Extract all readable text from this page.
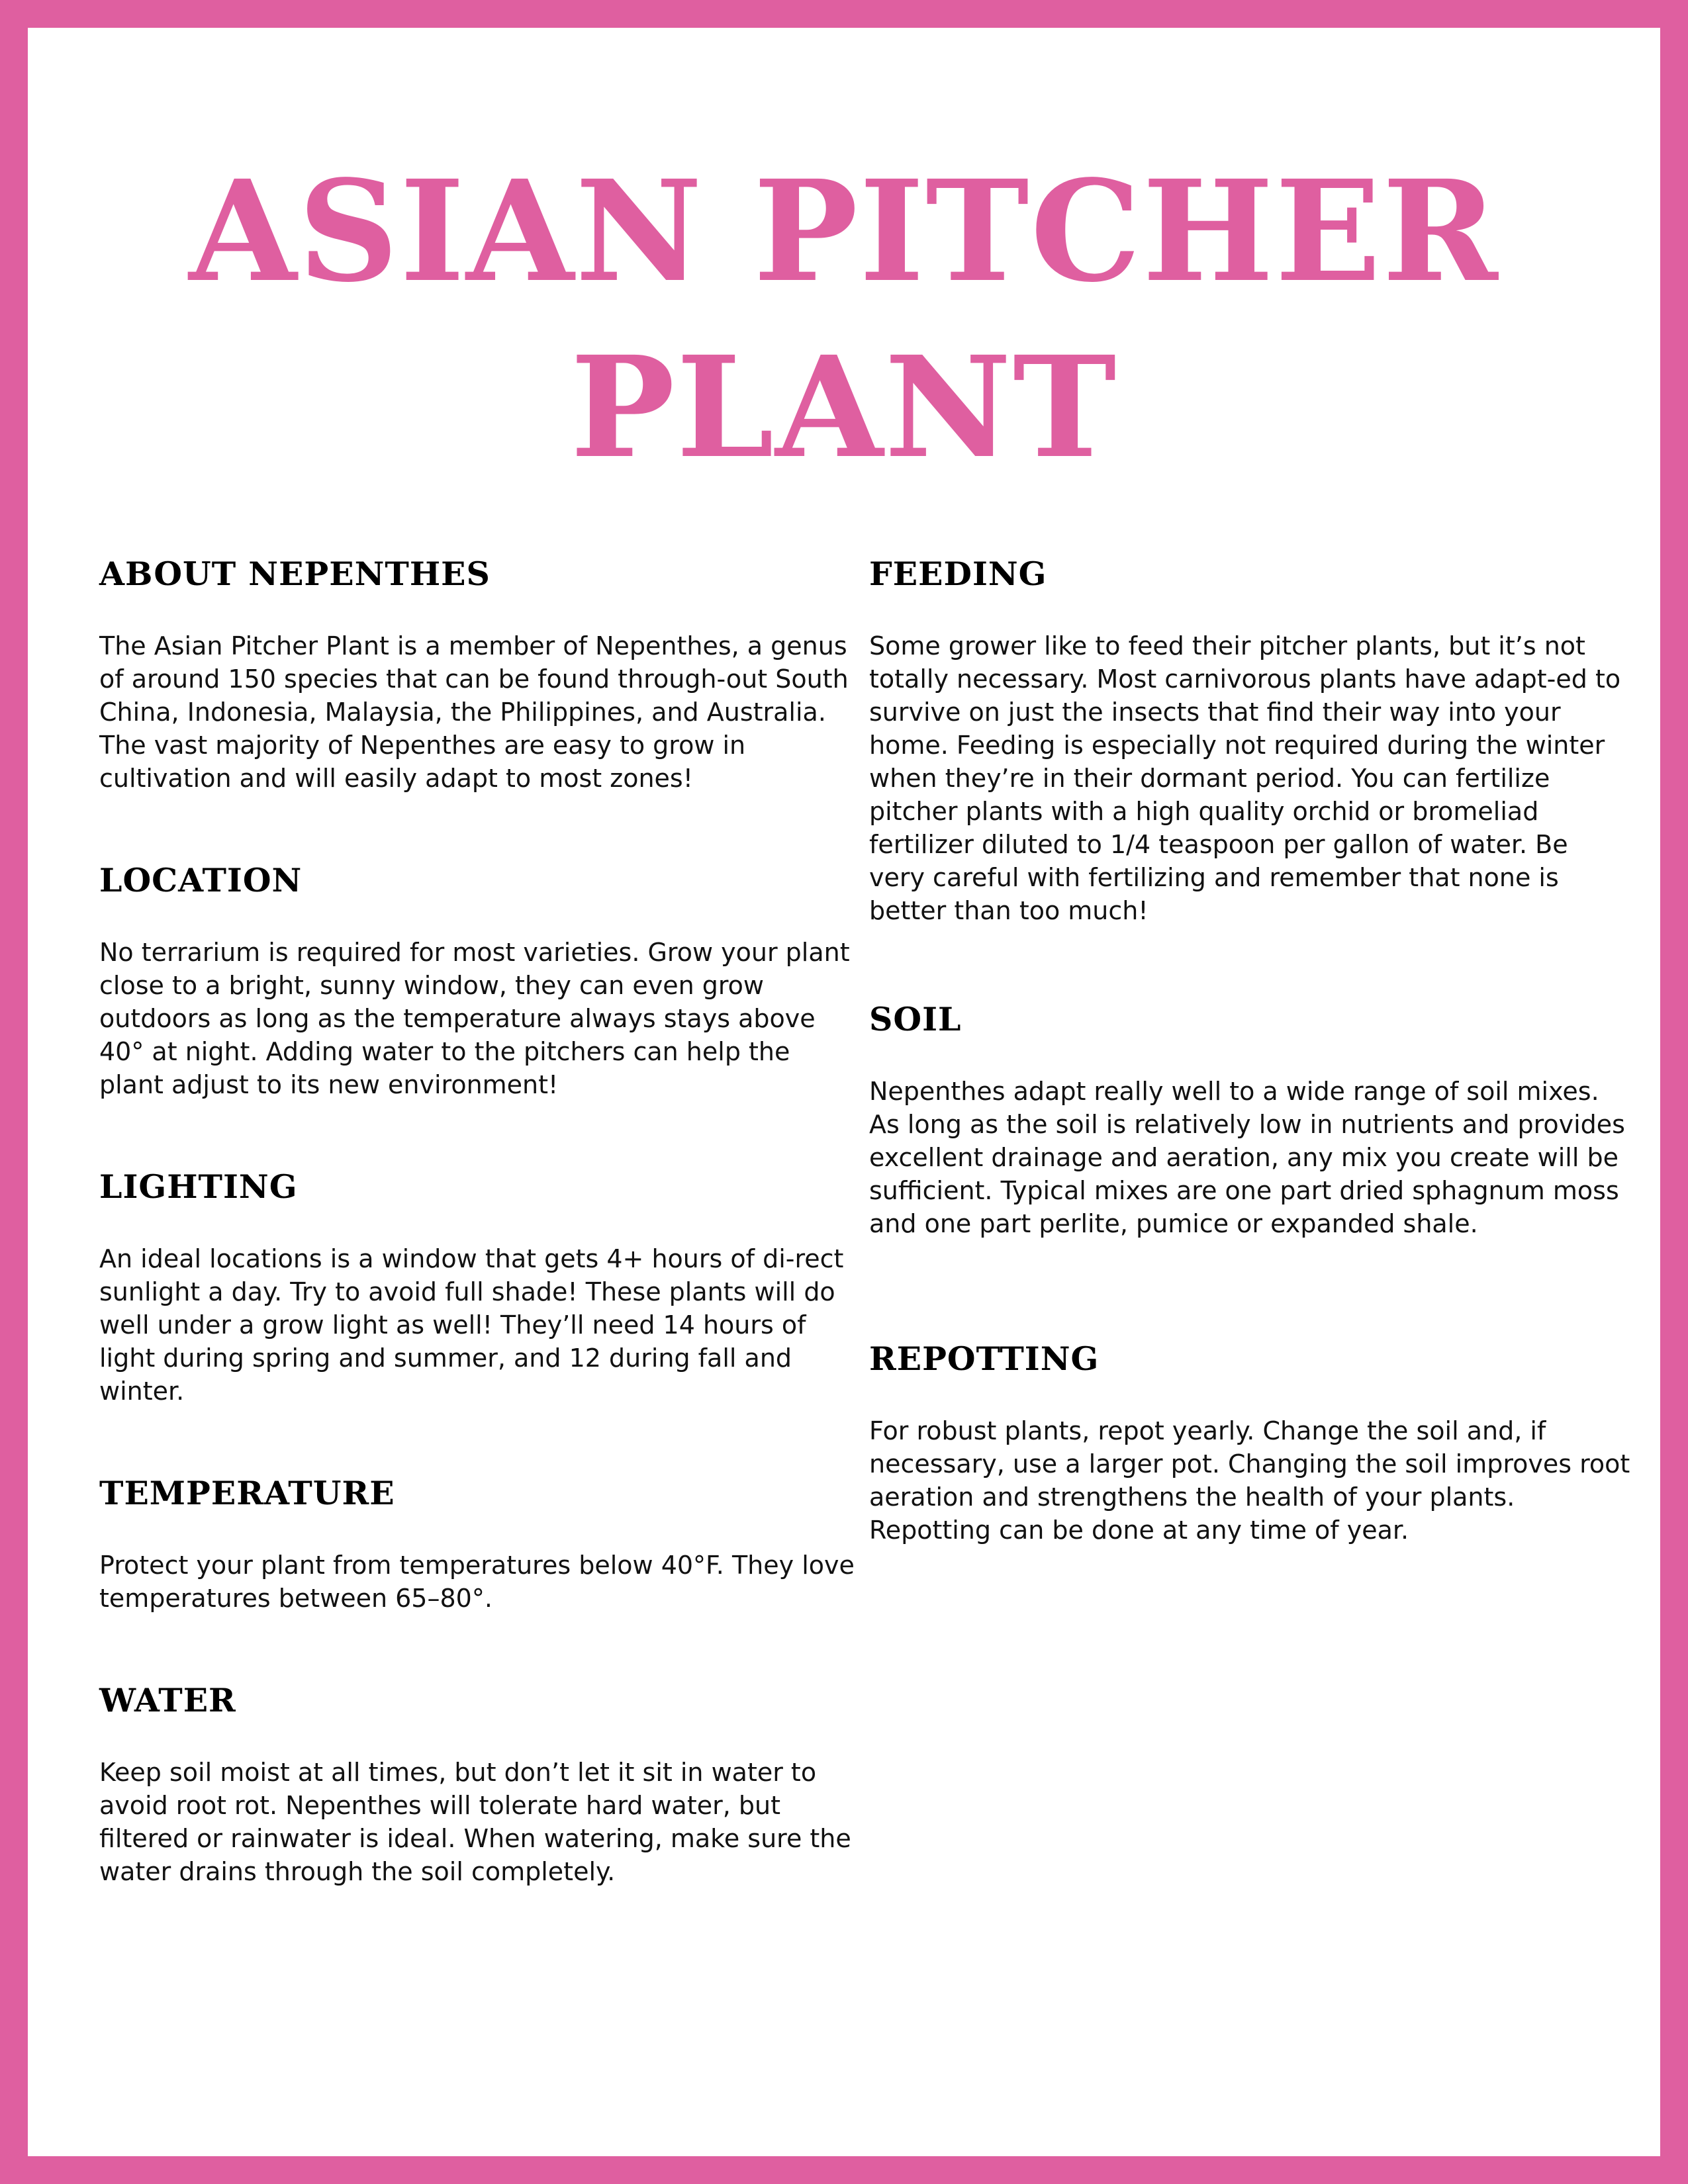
ASIAN PITCHER
PLANT
ABOUT NEPENTHES

The Asian Pitcher Plant is a member of Nepenthes, a genus of around 150 species that can be found through-out South China, Indonesia, Malaysia, the Philippines, and Australia. The vast majority of Nepenthes are easy to grow in cultivation and will easily adapt to most zones!

LOCATION

No terrarium is required for most varieties. Grow your plant close to a bright, sunny window, they can even grow outdoors as long as the temperature always stays above 40° at night. Adding water to the pitchers can help the plant adjust to its new environment!

LIGHTING

An ideal locations is a window that gets 4+ hours of di-rect sunlight a day. Try to avoid full shade! These plants will do well under a grow light as well! They’ll need 14 hours of light during spring and summer, and 12 during fall and winter.

TEMPERATURE

Protect your plant from temperatures below 40°F. They love temperatures between 65–80°.

WATER

Keep soil moist at all times, but don’t let it sit in water to avoid root rot. Nepenthes will tolerate hard water, but filtered or rainwater is ideal. When watering, make sure the water drains through the soil completely.

FEEDING

Some grower like to feed their pitcher plants, but it’s not totally necessary. Most carnivorous plants have adapt-ed to survive on just the insects that find their way into your home. Feeding is especially not required during the winter when they’re in their dormant period. You can fertilize pitcher plants with a high quality orchid or bromeliad fertilizer diluted to 1/4 teaspoon per gallon of water. Be very careful with fertilizing and remember that none is better than too much!

SOIL

Nepenthes adapt really well to a wide range of soil mixes. As long as the soil is relatively low in nutrients and provides excellent drainage and aeration, any mix you create will be sufficient. Typical mixes are one part dried sphagnum moss and one part perlite, pumice or expanded shale.

REPOTTING

For robust plants, repot yearly. Change the soil and, if necessary, use a larger pot. Changing the soil improves root aeration and strengthens the health of your plants. Repotting can be done at any time of year.
